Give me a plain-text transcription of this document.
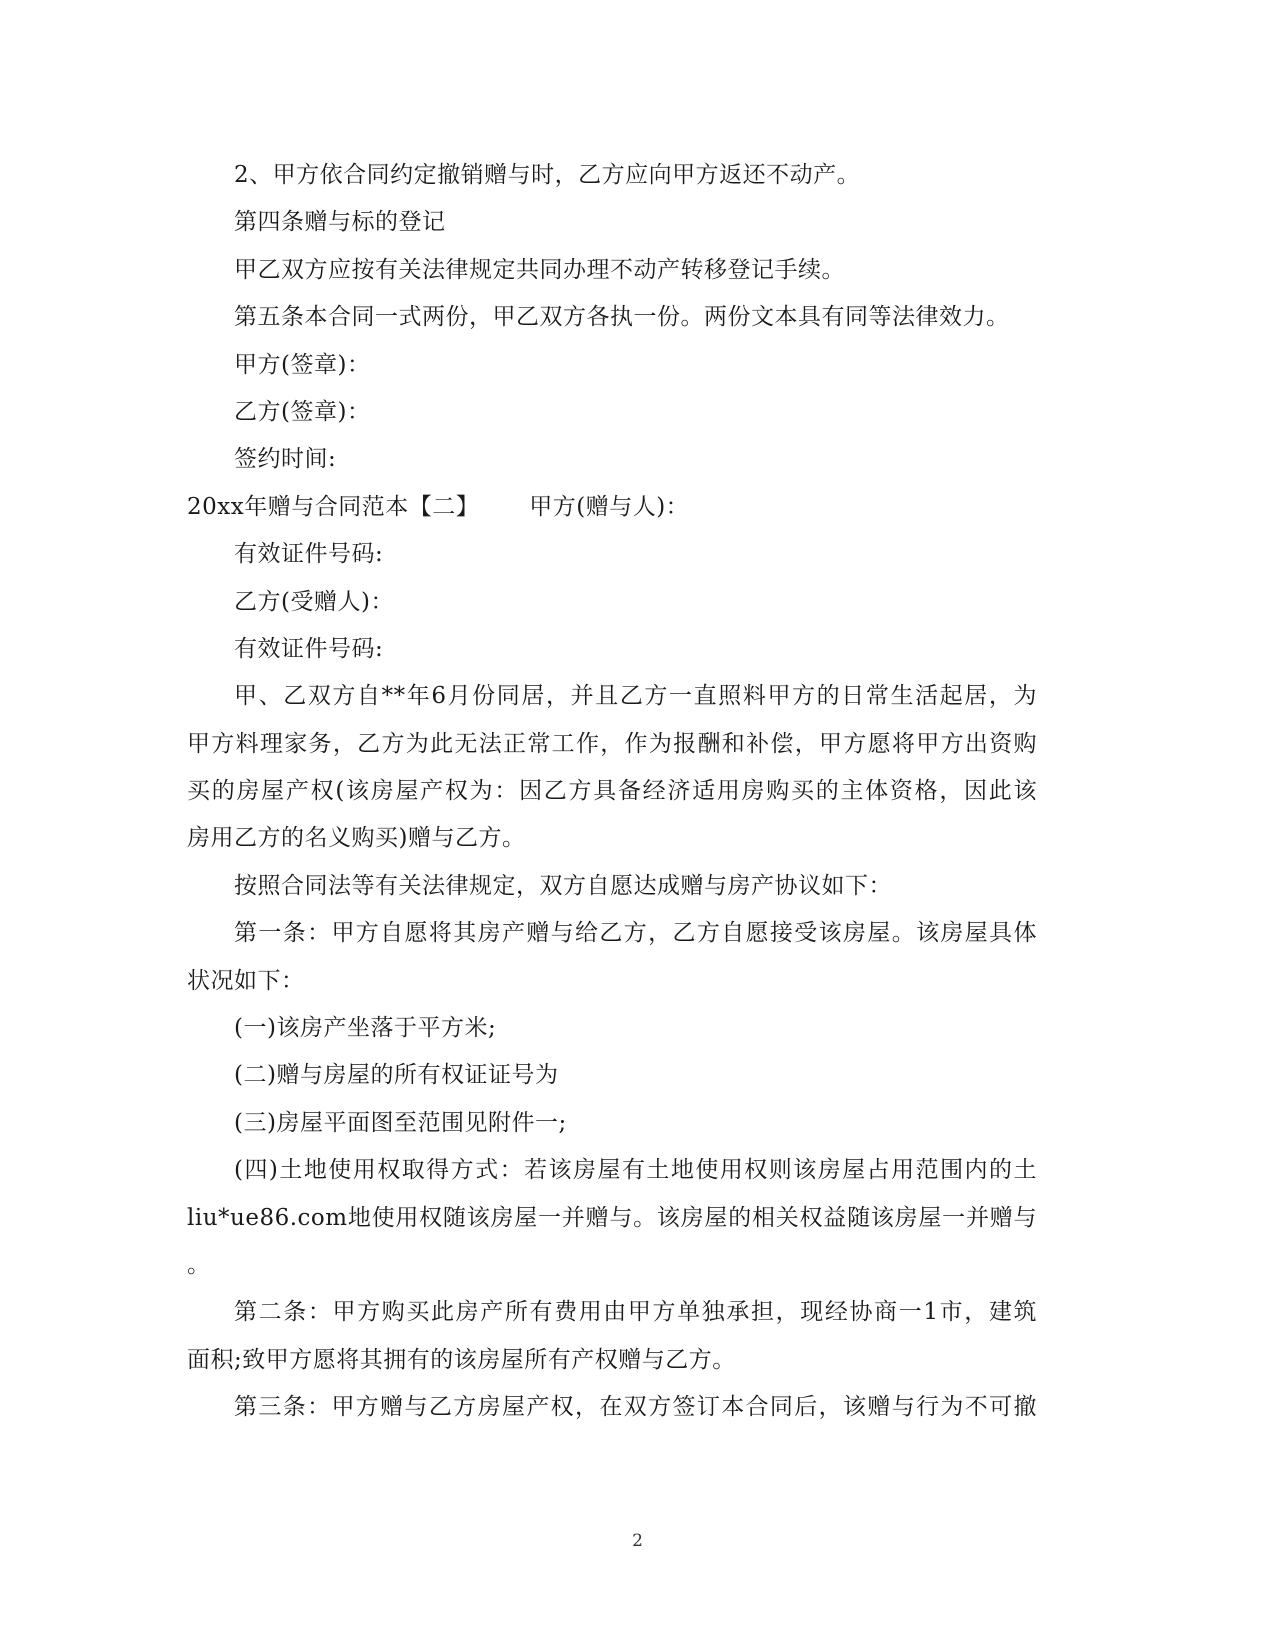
2、甲方依合同约定撤销赠与时，乙方应向甲方返还不动产。
第四条赠与标的登记
甲乙双方应按有关法律规定共同办理不动产转移登记手续。
第五条本合同一式两份，甲乙双方各执一份。两份文本具有同等法律效力。
甲方(签章)：
乙方(签章)：
签约时间:
20xx年赠与合同范本【二】 甲方(赠与人)：
有效证件号码:
乙方(受赠人)：
有效证件号码:
甲、乙双方自**年6月份同居，并且乙方一直照料甲方的日常生活起居，为
甲方料理家务，乙方为此无法正常工作，作为报酬和补偿，甲方愿将甲方出资购
买的房屋产权(该房屋产权为：因乙方具备经济适用房购买的主体资格，因此该
房用乙方的名义购买)赠与乙方。
按照合同法等有关法律规定，双方自愿达成赠与房产协议如下：
第一条：甲方自愿将其房产赠与给乙方，乙方自愿接受该房屋。该房屋具体
状况如下：
(一)该房产坐落于平方米;
(二)赠与房屋的所有权证证号为
(三)房屋平面图至范围见附件一;
(四)土地使用权取得方式：若该房屋有土地使用权则该房屋占用范围内的土
liu*ue86.com地使用权随该房屋一并赠与。该房屋的相关权益随该房屋一并赠与
。
第二条：甲方购买此房产所有费用由甲方单独承担，现经协商一1市，建筑
面积;致甲方愿将其拥有的该房屋所有产权赠与乙方。
第三条：甲方赠与乙方房屋产权，在双方签订本合同后，该赠与行为不可撤
2
